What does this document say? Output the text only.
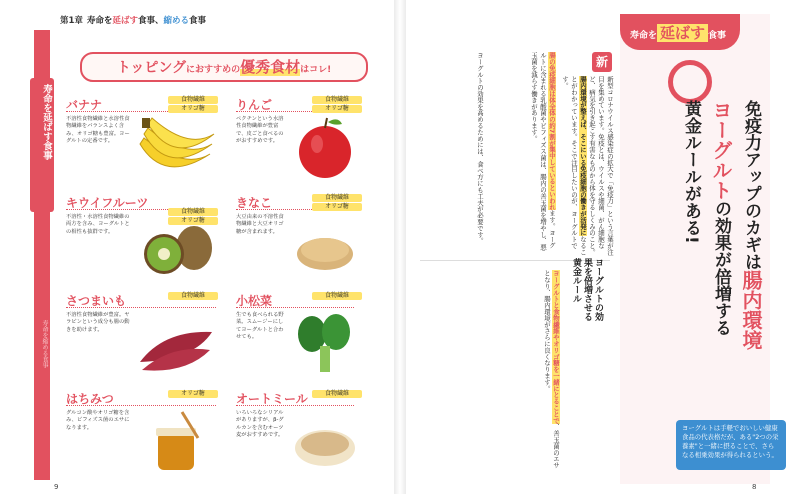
寿命を延ばす食事
寿命を縮める食事
第1章 寿命を延ばす食事、縮める食事
トッピングにおすすめの優秀食材はコレ!
バナナ	食物繊維
オリゴ糖
不溶性食物繊維と水溶性食物繊維をバランスよく含み、オリゴ糖も豊富。ヨーグルトの定番です。
りんご	食物繊維
オリゴ糖
ペクチンという水溶性食物繊維が豊富で、皮ごと食べるのがおすすめです。
キウイフルーツ
食物繊維
オリゴ糖
不溶性・水溶性食物繊維の両方を含み、ヨーグルトとの相性も抜群です。
きなこ	食物繊維
オリゴ糖
大豆由来の不溶性食物繊維と大豆オリゴ糖が含まれます。
さつまいも	食物繊維
不溶性食物繊維が豊富。ヤラピンという成分も腸の動きを助けます。
小松菜	食物繊維
生でも食べられる野菜。スムージーにしてヨーグルトと合わせても。
はちみつ	オリゴ糖
グルコン酸やオリゴ糖を含み、ビフィズス菌のエサになります。
オートミール	食物繊維
いろいろなシリアルがありますが、β-グルカンを含むオーツ麦がおすすめです。
9
寿命を 延ばす 食事
免疫力アップのカギは腸内環境
ヨーグルトの効果が倍増する
黄金ルールがある!
新
新型コロナウイルス感染症の拡大で「免疫力」という言葉が注目を集めています。免疫とは、ウイルスや細菌、がん細胞など、病気を引き起こす有害なものから体を守るしくみのこと。腸内環境が整えば、そこにいる免疫細胞の働きが活発になることがわかっています。そこで注目したいのが、ヨーグルトです。
腸の免疫細胞は体全体の約7割が集中しているといわれます。ヨーグルトに含まれる乳酸菌やビフィズス菌は、腸内の善玉菌を増やし、悪玉菌を減らす働きがあります。
ヨーグルトの効果を高めるためには、食べ方にも工夫が必要です。
ヨーグルトの効果を倍増させる黄金ルール
ヨーグルトと食物繊維やオリゴ糖を一緒にとることで、善玉菌のエサとなり、腸内環境がさらに良くなります。
ヨーグルトは手軽でおいしい健康食品の代表格だが、ある"2つの栄養素"と一緒に摂ることで、さらなる相乗効果が得られるという。
8
